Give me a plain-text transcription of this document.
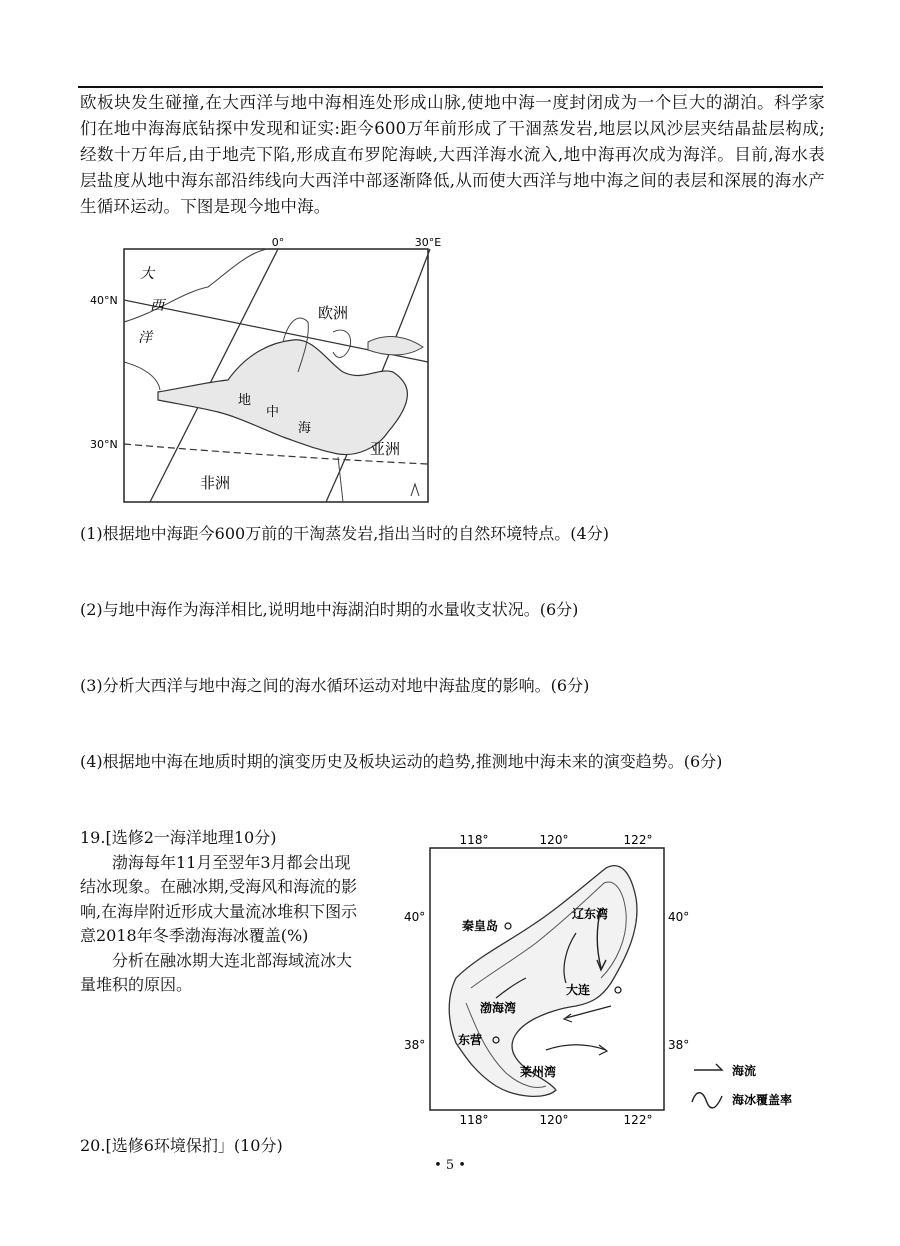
欧板块发生碰撞,在大西洋与地中海相连处形成山脉,使地中海一度封闭成为一个巨大的湖泊。科学家们在地中海海底钻探中发现和证实:距今600万年前形成了干涸蒸发岩,地层以风沙层夹结晶盐层构成;经数十万年后,由于地壳下陷,形成直布罗陀海峡,大西洋海水流入,地中海再次成为海洋。目前,海水表层盐度从地中海东部沿纬线向大西洋中部逐渐降低,从而使大西洋与地中海之间的表层和深展的海水产生循环运动。下图是现今地中海。
0°	30°E
40°N
30°N
欧洲
亚洲
非洲
大
西
洋
地
中
海
(1)根据地中海距今600万前的干淘蒸发岩,指出当时的自然环境特点。(4分)
(2)与地中海作为海洋相比,说明地中海湖泊时期的水量收支状况。(6分)
(3)分析大西洋与地中海之间的海水循环运动对地中海盐度的影响。(6分)
(4)根据地中海在地质时期的演变历史及板块运动的趋势,推测地中海未来的演变趋势。(6分)

19.[选修2一海洋地理10分)

渤海每年11月至翌年3月都会出现结冰现象。在融冰期,受海风和海流的影响,在海岸附近形成大量流冰堆积下图示意2018年冬季渤海海冰覆盖(%)

分析在融冰期大连北部海域流冰大量堆积的原因。

118°	120°	122°
118°	120°	122°
40°
38°
40°
38°
秦皇岛
大连
东营
辽东湾
渤海湾
莱州湾	海流
海冰覆盖率
20.[选修6环境保扪」(10分)
• 5 •
